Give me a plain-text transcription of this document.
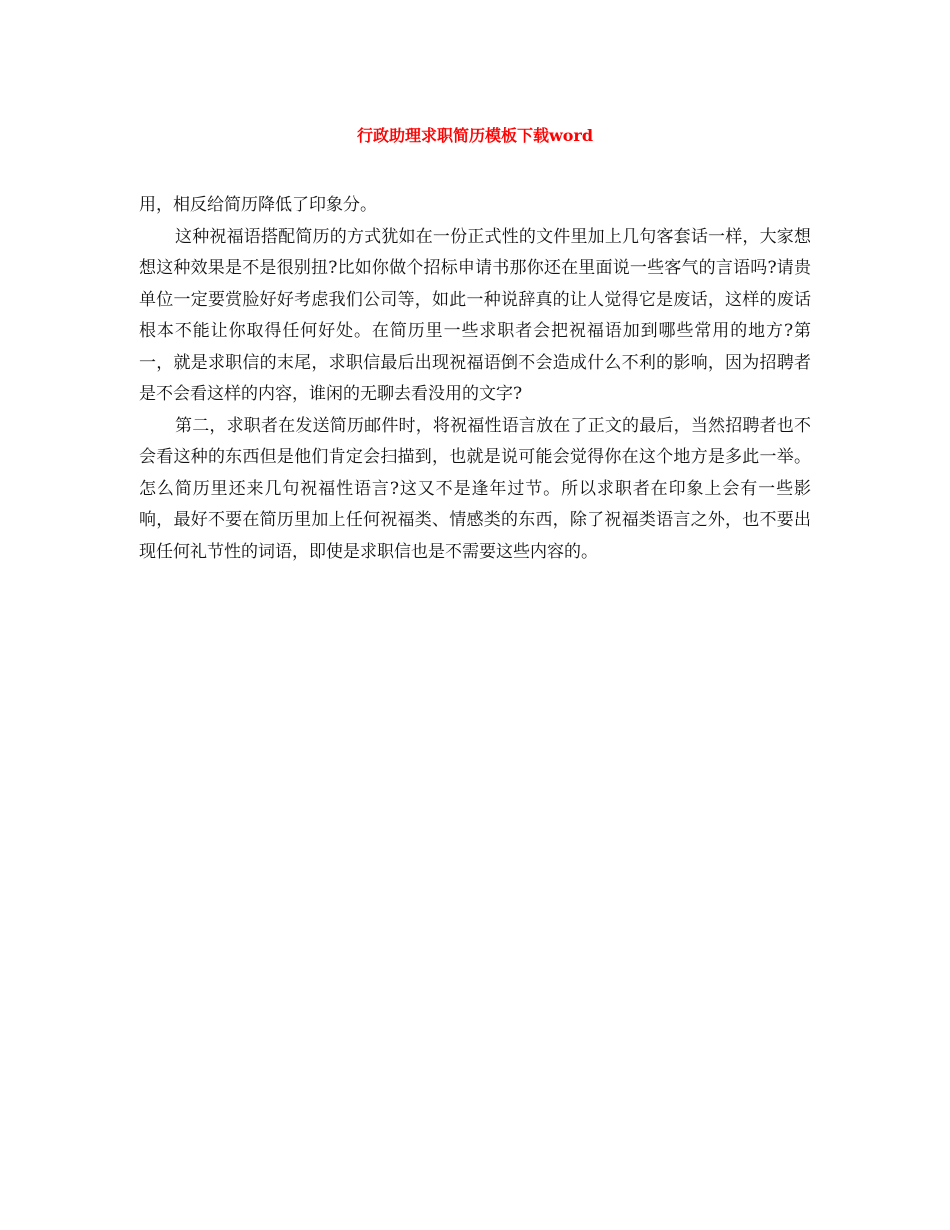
行政助理求职简历模板下载word

用，相反给简历降低了印象分。

这种祝福语搭配简历的方式犹如在一份正式性的文件里加上几句客套话一样，大家想想这种效果是不是很别扭?比如你做个招标申请书那你还在里面说一些客气的言语吗?请贵单位一定要赏脸好好考虑我们公司等，如此一种说辞真的让人觉得它是废话，这样的废话根本不能让你取得任何好处。在简历里一些求职者会把祝福语加到哪些常用的地方?第一，就是求职信的末尾，求职信最后出现祝福语倒不会造成什么不利的影响，因为招聘者是不会看这样的内容，谁闲的无聊去看没用的文字?

第二，求职者在发送简历邮件时，将祝福性语言放在了正文的最后，当然招聘者也不会看这种的东西但是他们肯定会扫描到，也就是说可能会觉得你在这个地方是多此一举。怎么简历里还来几句祝福性语言?这又不是逢年过节。所以求职者在印象上会有一些影响，最好不要在简历里加上任何祝福类、情感类的东西，除了祝福类语言之外，也不要出现任何礼节性的词语，即使是求职信也是不需要这些内容的。
